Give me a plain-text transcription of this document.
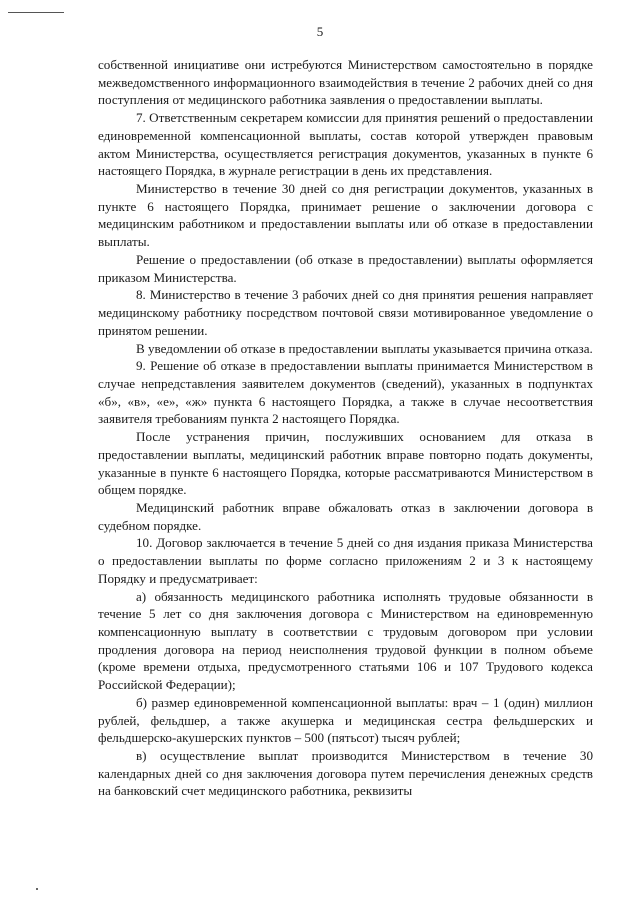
5

собственной инициативе они истребуются Министерством самостоятельно в порядке межведомственного информационного взаимодействия в течение 2 рабочих дней со дня поступления от медицинского работника заявления о предоставлении выплаты.

7. Ответственным секретарем комиссии для принятия решений о предоставлении единовременной компенсационной выплаты, состав которой утвержден правовым актом Министерства, осуществляется регистрация документов, указанных в пункте 6 настоящего Порядка, в журнале регистрации в день их представления.

Министерство в течение 30 дней со дня регистрации документов, указанных в пункте 6 настоящего Порядка, принимает решение о заключении договора с медицинским работником и предоставлении выплаты или об отказе в предоставлении выплаты.

Решение о предоставлении (об отказе в предоставлении) выплаты оформляется приказом Министерства.

8. Министерство в течение 3 рабочих дней со дня принятия решения направляет медицинскому работнику посредством почтовой связи мотивированное уведомление о принятом решении.

В уведомлении об отказе в предоставлении выплаты указывается причина отказа.

9. Решение об отказе в предоставлении выплаты принимается Министерством в случае непредставления заявителем документов (сведений), указанных в подпунктах «б», «в», «е», «ж» пункта 6 настоящего Порядка, а также в случае несоответствия заявителя требованиям пункта 2 настоящего Порядка.

После устранения причин, послуживших основанием для отказа в предоставлении выплаты, медицинский работник вправе повторно подать документы, указанные в пункте 6 настоящего Порядка, которые рассматриваются Министерством в общем порядке.

Медицинский работник вправе обжаловать отказ в заключении договора в судебном порядке.

10. Договор заключается в течение 5 дней со дня издания приказа Министерства о предоставлении выплаты по форме согласно приложениям 2 и 3 к настоящему Порядку и предусматривает:

а) обязанность медицинского работника исполнять трудовые обязанности в течение 5 лет со дня заключения договора с Министерством на единовременную компенсационную выплату в соответствии с трудовым договором при условии продления договора на период неисполнения трудовой функции в полном объеме (кроме времени отдыха, предусмотренного статьями 106 и 107 Трудового кодекса Российской Федерации);

б) размер единовременной компенсационной выплаты: врач – 1 (один) миллион рублей, фельдшер, а также акушерка и медицинская сестра фельдшерских и фельдшерско-акушерских пунктов – 500 (пятьсот) тысяч рублей;

в) осуществление выплат производится Министерством в течение 30 календарных дней со дня заключения договора путем перечисления денежных средств на банковский счет медицинского работника, реквизиты
